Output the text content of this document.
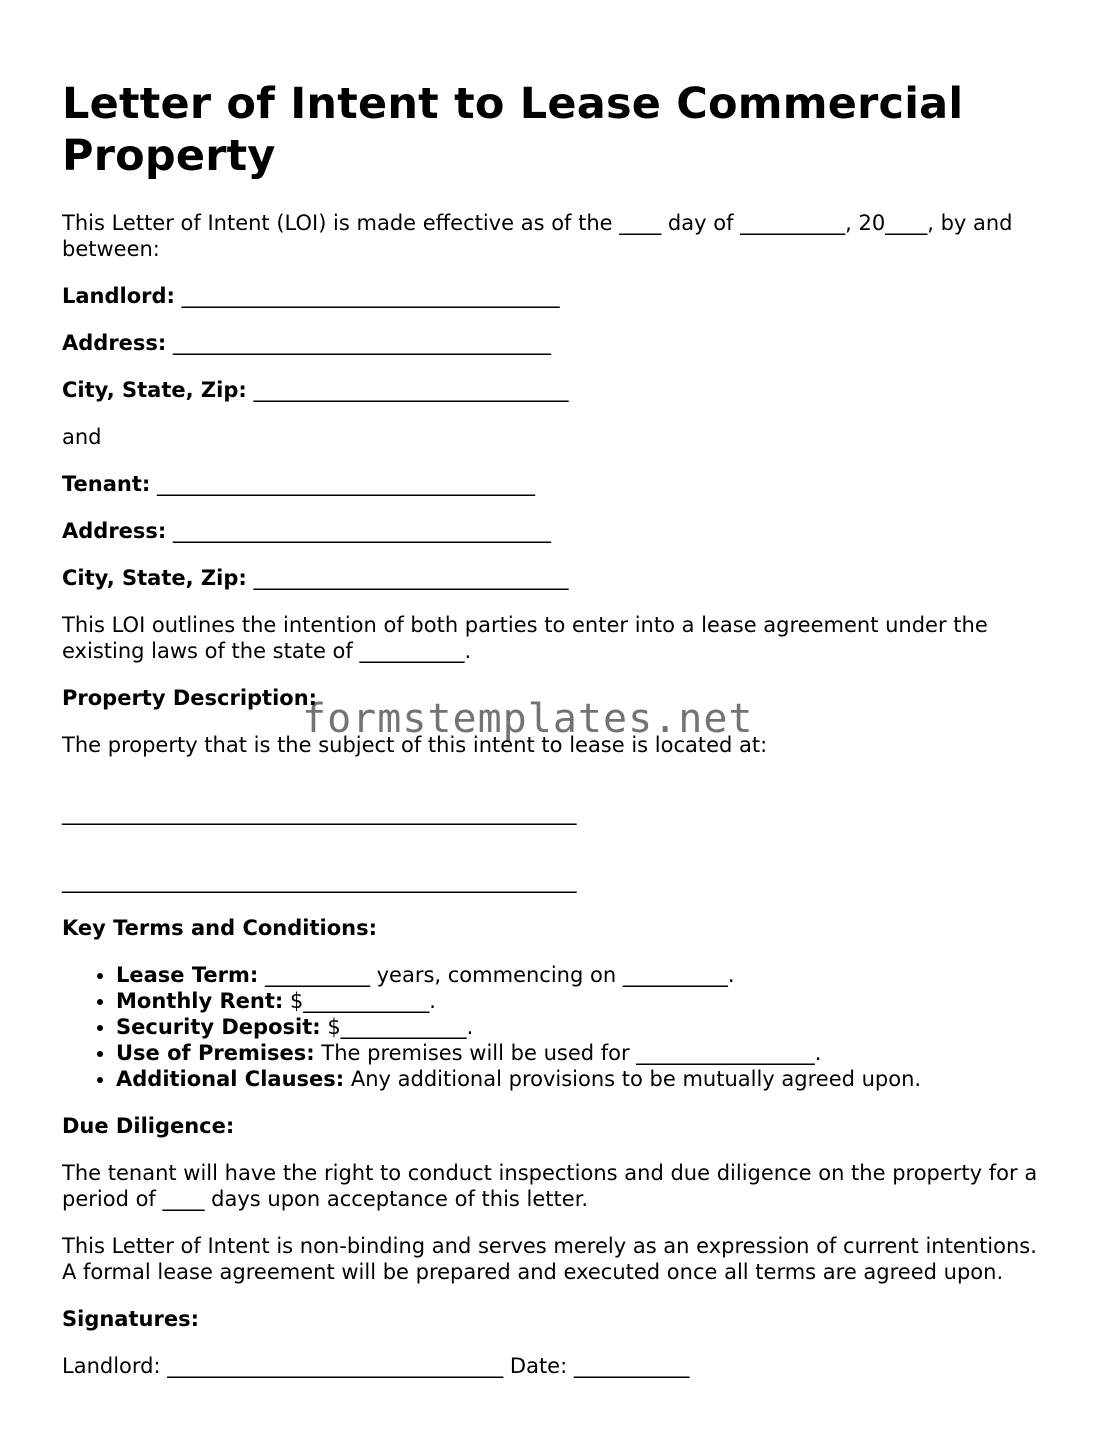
Letter of Intent to Lease Commercial Property

This Letter of Intent (LOI) is made effective as of the ____ day of __________, 20____, by and between:

Landlord: ____________________________________

Address: ____________________________________

City, State, Zip: ______________________________

and

Tenant: ____________________________________

Address: ____________________________________

City, State, Zip: ______________________________

This LOI outlines the intention of both parties to enter into a lease agreement under the existing laws of the state of __________.

Property Description:

The property that is the subject of this intent to lease is located at:

_________________________________________________
_________________________________________________

Key Terms and Conditions:

• Lease Term: __________ years, commencing on __________.
• Monthly Rent: $____________.
• Security Deposit: $____________.
• Use of Premises: The premises will be used for _________________.
• Additional Clauses: Any additional provisions to be mutually agreed upon.

Due Diligence:

The tenant will have the right to conduct inspections and due diligence on the property for a period of ____ days upon acceptance of this letter.

This Letter of Intent is non-binding and serves merely as an expression of current intentions. A formal lease agreement will be prepared and executed once all terms are agreed upon.

Signatures:

Landlord: ________________________________ Date: ___________

formstemplates.net
